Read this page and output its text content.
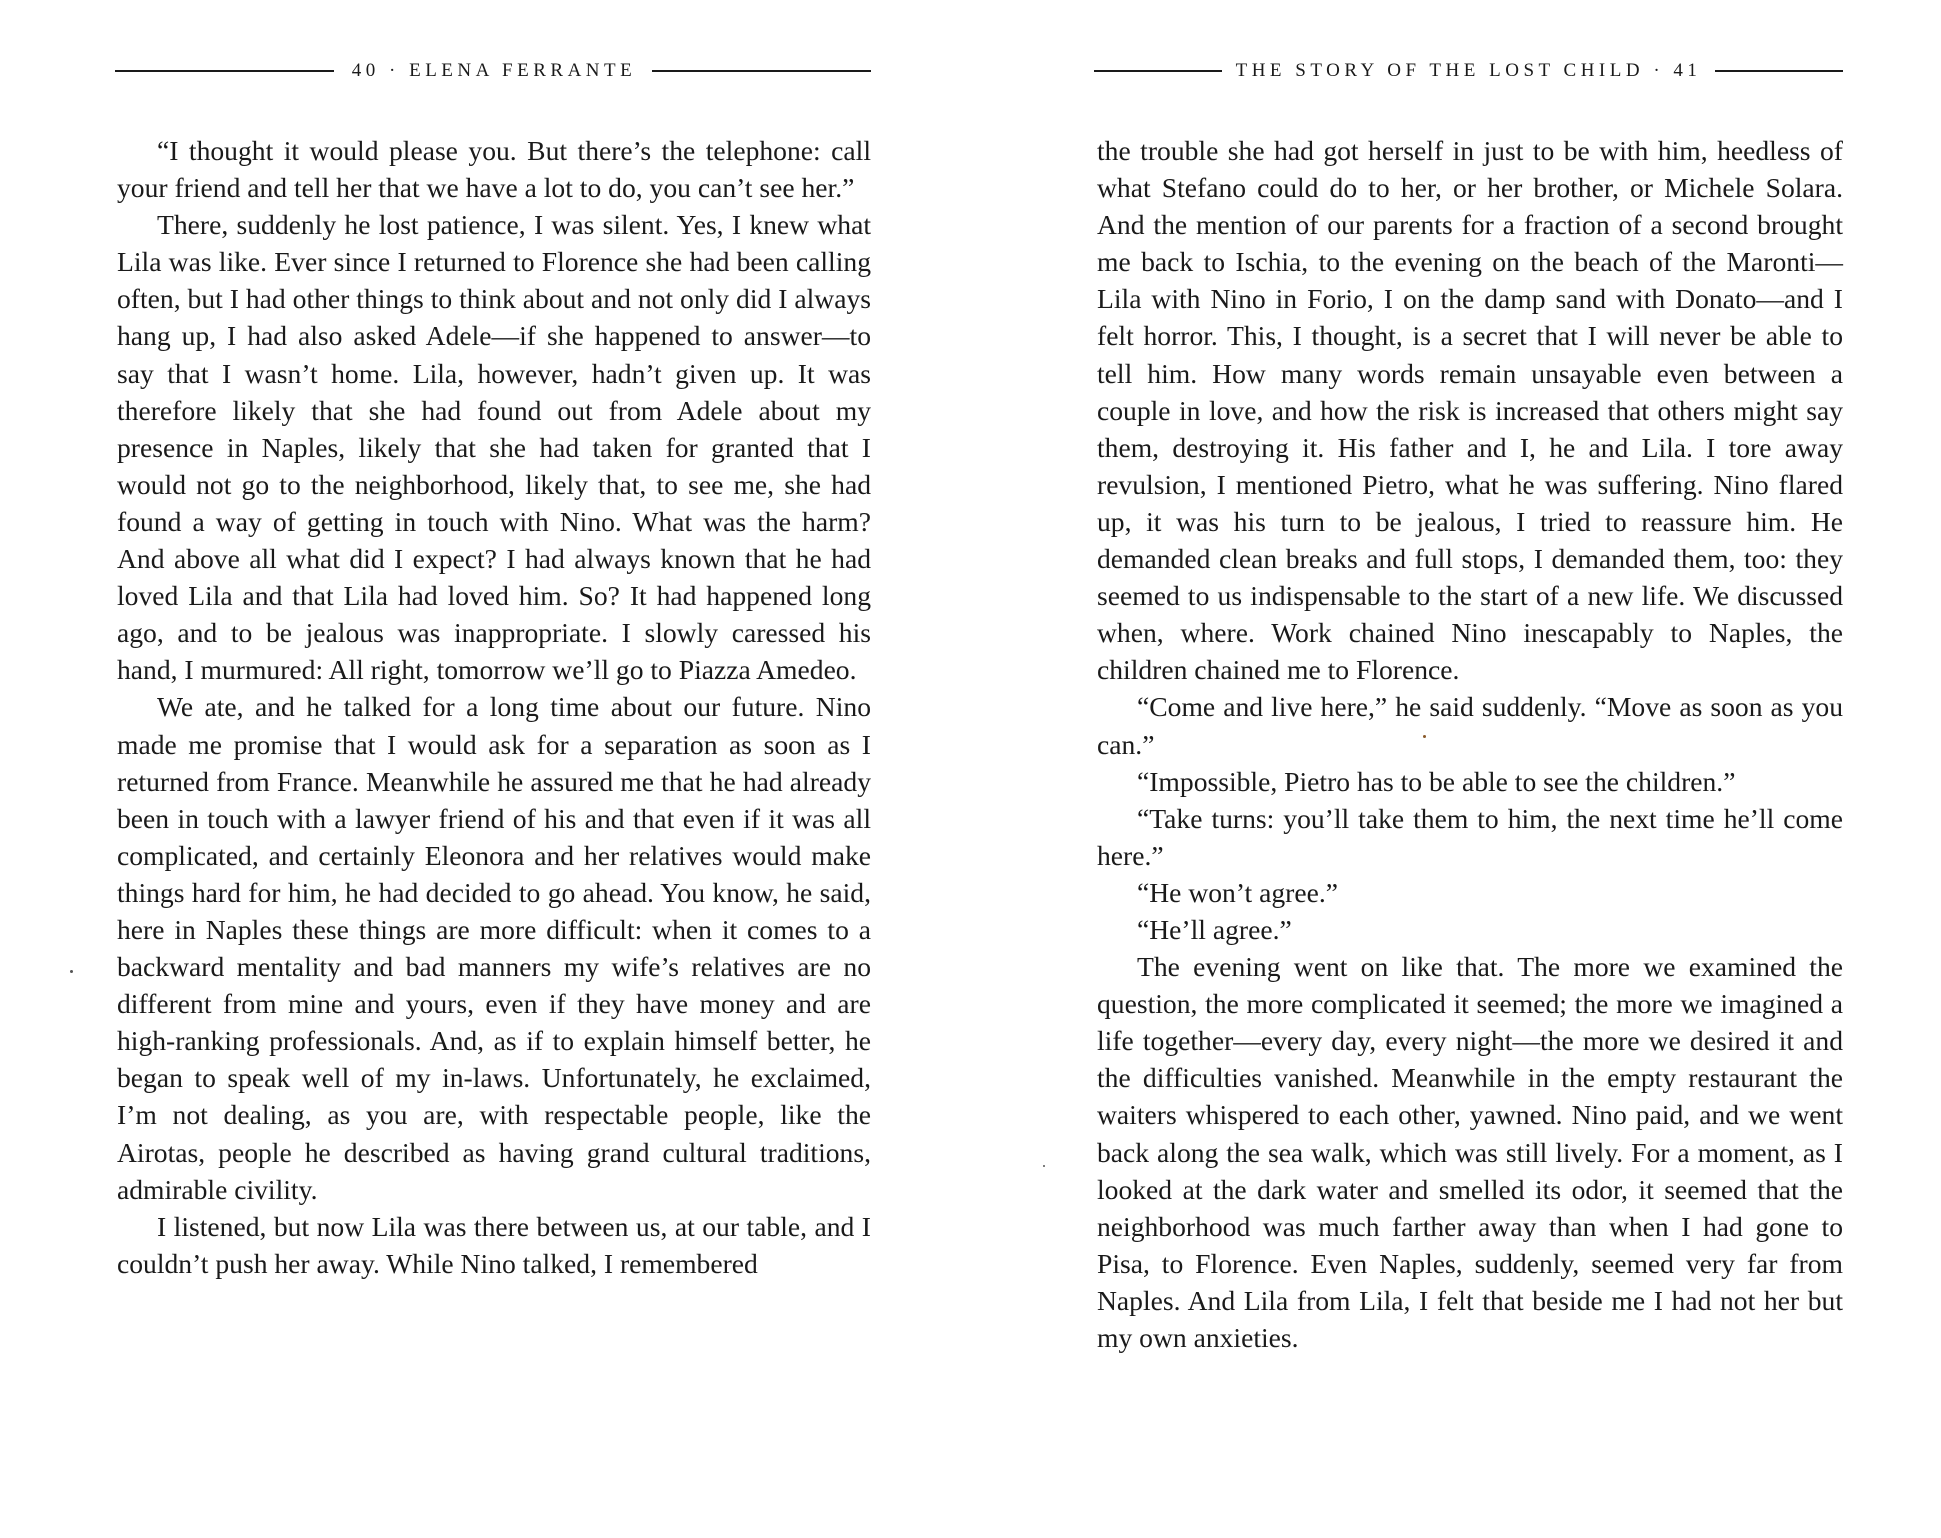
40 · ELENA FERRANTE

“I thought it would please you. But there’s the telephone: call your friend and tell her that we have a lot to do, you can’t see her.”

There, suddenly he lost patience, I was silent. Yes, I knew what Lila was like. Ever since I returned to Florence she had been calling often, but I had other things to think about and not only did I always hang up, I had also asked Adele—if she happened to answer—to say that I wasn’t home. Lila, however, hadn’t given up. It was therefore likely that she had found out from Adele about my presence in Naples, likely that she had taken for granted that I would not go to the neighborhood, likely that, to see me, she had found a way of getting in touch with Nino. What was the harm? And above all what did I expect? I had always known that he had loved Lila and that Lila had loved him. So? It had happened long ago, and to be jealous was inappropriate. I slowly caressed his hand, I murmured: All right, tomorrow we’ll go to Piazza Amedeo.

We ate, and he talked for a long time about our future. Nino made me promise that I would ask for a separation as soon as I returned from France. Meanwhile he assured me that he had already been in touch with a lawyer friend of his and that even if it was all complicated, and certainly Eleonora and her relatives would make things hard for him, he had decided to go ahead. You know, he said, here in Naples these things are more difficult: when it comes to a backward mentality and bad manners my wife’s relatives are no different from mine and yours, even if they have money and are high-ranking professionals. And, as if to explain himself better, he began to speak well of my in-laws. Unfortunately, he exclaimed, I’m not dealing, as you are, with respectable people, like the Airotas, people he described as having grand cultural traditions, admirable civility.

I listened, but now Lila was there between us, at our table, and I couldn’t push her away. While Nino talked, I remembered

THE STORY OF THE LOST CHILD · 41

the trouble she had got herself in just to be with him, heedless of what Stefano could do to her, or her brother, or Michele Solara. And the mention of our parents for a fraction of a second brought me back to Ischia, to the evening on the beach of the Maronti—Lila with Nino in Forio, I on the damp sand with Donato—and I felt horror. This, I thought, is a secret that I will never be able to tell him. How many words remain unsayable even between a couple in love, and how the risk is increased that others might say them, destroying it. His father and I, he and Lila. I tore away revulsion, I mentioned Pietro, what he was suffering. Nino flared up, it was his turn to be jealous, I tried to reassure him. He demanded clean breaks and full stops, I demanded them, too: they seemed to us indispensable to the start of a new life. We discussed when, where. Work chained Nino inescapably to Naples, the children chained me to Florence.

“Come and live here,” he said suddenly. “Move as soon as you can.”

“Impossible, Pietro has to be able to see the children.”

“Take turns: you’ll take them to him, the next time he’ll come here.”

“He won’t agree.”

“He’ll agree.”

The evening went on like that. The more we examined the question, the more complicated it seemed; the more we imagined a life together—every day, every night—the more we desired it and the difficulties vanished. Meanwhile in the empty restaurant the waiters whispered to each other, yawned. Nino paid, and we went back along the sea walk, which was still lively. For a moment, as I looked at the dark water and smelled its odor, it seemed that the neighborhood was much farther away than when I had gone to Pisa, to Florence. Even Naples, suddenly, seemed very far from Naples. And Lila from Lila, I felt that beside me I had not her but my own anxieties.
